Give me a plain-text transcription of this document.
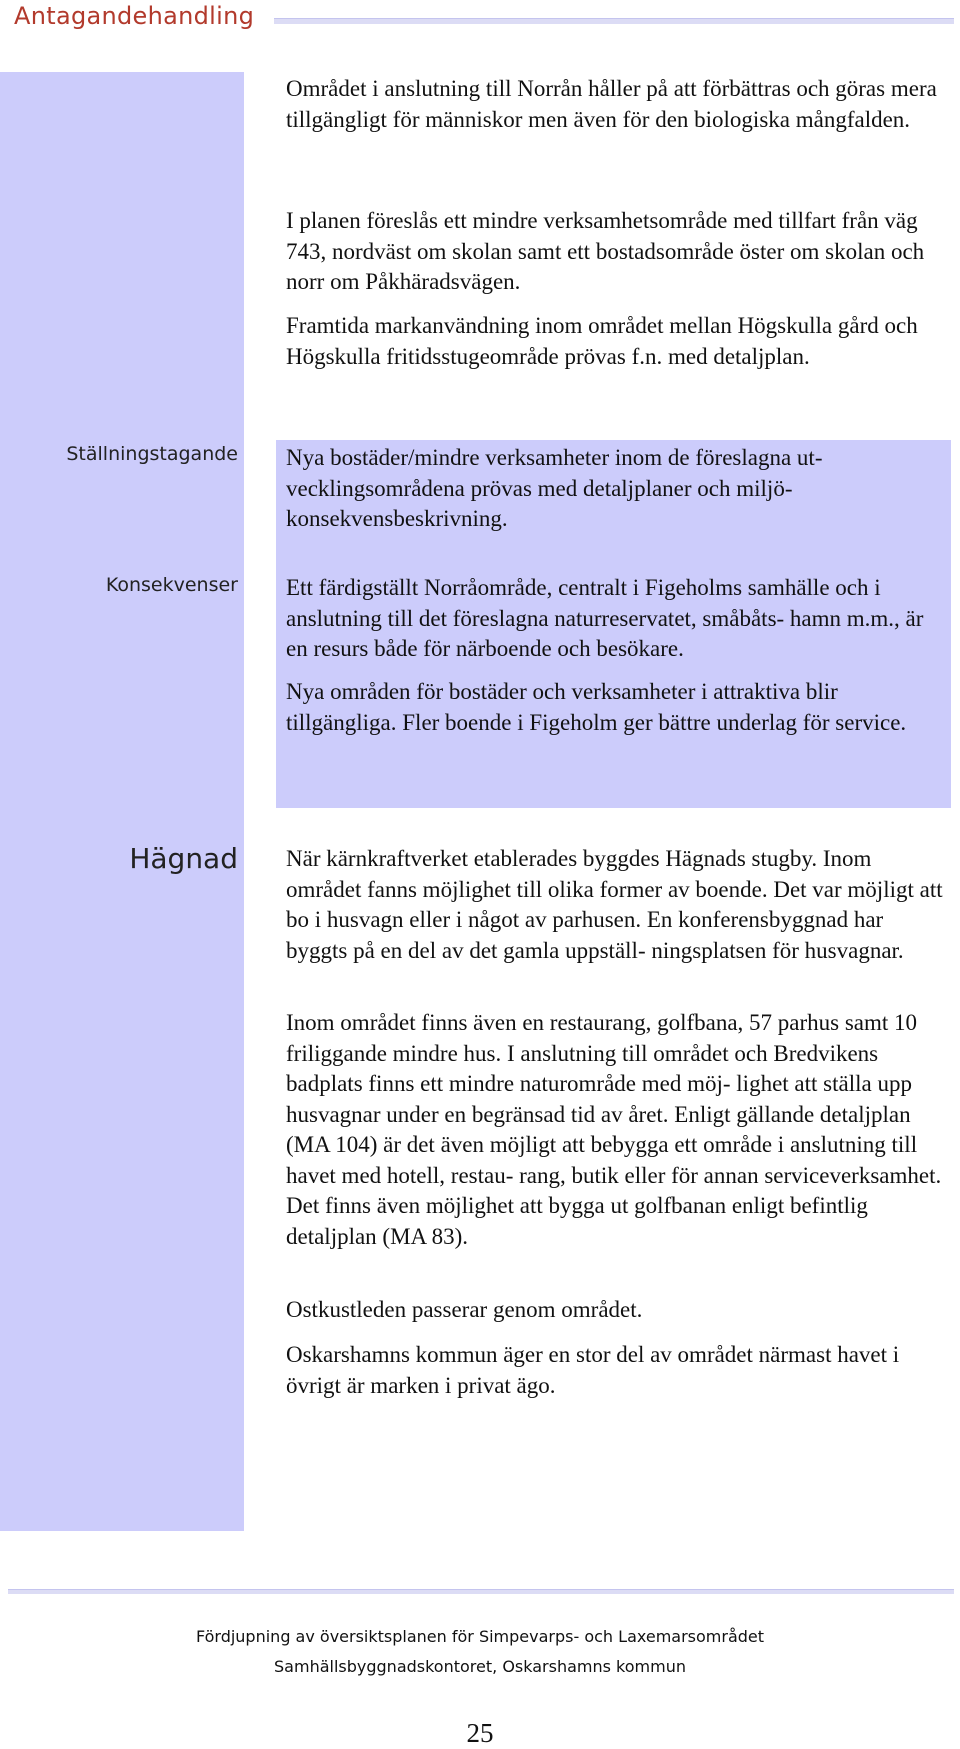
Antagandehandling

Området i anslutning till Norrån håller på att förbättras och göras mera tillgängligt för människor men även för den biologiska mångfalden.

I planen föreslås ett mindre verksamhetsområde med tillfart från väg 743, nordväst om skolan samt ett bostadsområde öster om skolan och norr om Påkhäradsvägen.

Framtida markanvändning inom området mellan Högskulla gård och Högskulla fritidsstugeområde prövas f.n. med detaljplan.

Ställningstagande Nya bostäder/mindre verksamheter inom de föreslagna ut- vecklingsområdena prövas med detaljplaner och miljö- konsekvensbeskrivning.

Konsekvenser Ett färdigställt Norråområde, centralt i Figeholms samhälle och i anslutning till det föreslagna naturreservatet, småbåts- hamn m.m., är en resurs både för närboende och besökare.

Nya områden för bostäder och verksamheter i attraktiva blir tillgängliga. Fler boende i Figeholm ger bättre underlag för service.

Hägnad När kärnkraftverket etablerades byggdes Hägnads stugby. Inom området fanns möjlighet till olika former av boende. Det var möjligt att bo i husvagn eller i något av parhusen. En konferensbyggnad har byggts på en del av det gamla uppställ- ningsplatsen för husvagnar.

Inom området finns även en restaurang, golfbana, 57 parhus samt 10 friliggande mindre hus. I anslutning till området och Bredvikens badplats finns ett mindre naturområde med möj- lighet att ställa upp husvagnar under en begränsad tid av året. Enligt gällande detaljplan (MA 104) är det även möjligt att bebygga ett område i anslutning till havet med hotell, restau- rang, butik eller för annan serviceverksamhet. Det finns även möjlighet att bygga ut golfbanan enligt befintlig detaljplan (MA 83).

Ostkustleden passerar genom området.

Oskarshamns kommun äger en stor del av området närmast havet i övrigt är marken i privat ägo.

Fördjupning av översiktsplanen för Simpevarps- och Laxemarsområdet
Samhällsbyggnadskontoret, Oskarshamns kommun
25
